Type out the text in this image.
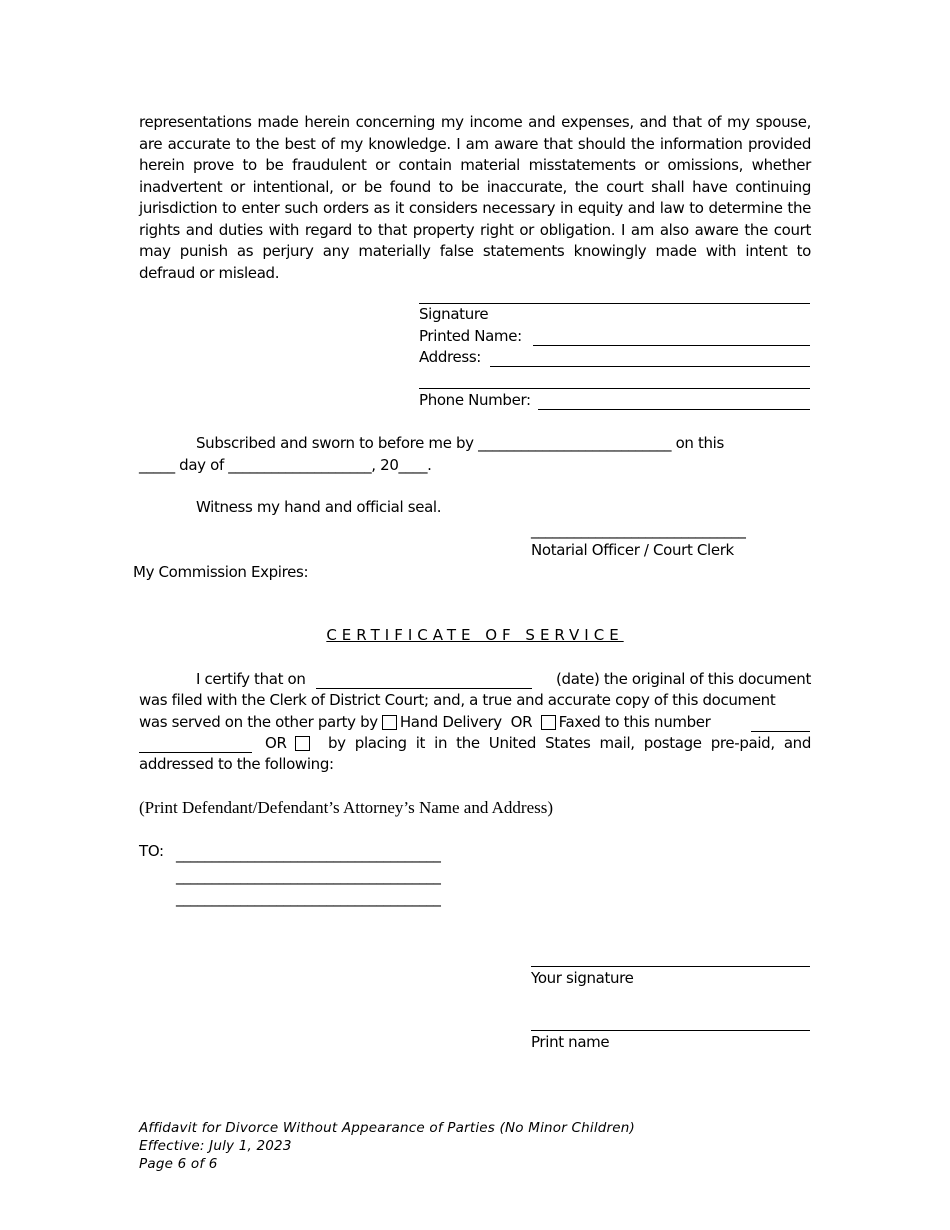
representations made herein concerning my income and expenses, and that of my spouse, are accurate to the best of my knowledge. I am aware that should the information provided herein prove to be fraudulent or contain material misstatements or omissions, whether inadvertent or intentional, or be found to be inaccurate, the court shall have continuing jurisdiction to enter such orders as it considers necessary in equity and law to determine the rights and duties with regard to that property right or obligation. I am also aware the court may punish as perjury any materially false statements knowingly made with intent to defraud or mislead.
Signature
Printed Name:
Address:
Phone Number:
Subscribed and sworn to before me by ___________________________ on this
_____ day of ____________________, 20____.
Witness my hand and official seal.
______________________________
Notarial Officer / Court Clerk
My Commission Expires:
CERTIFICATE OF SERVICE
I certify that on	(date) the original of this document
was filed with the Clerk of District Court; and, a true and accurate copy of this document
was served on the other party by Hand Delivery OR Faxed to this number
OR	by placing it in the United States mail, postage pre-paid, and
addressed to the following:
(Print Defendant/Defendant’s Attorney’s Name and Address)
TO: _____________________________________
_____________________________________
_____________________________________
Your signature
Print name
Affidavit for Divorce Without Appearance of Parties (No Minor Children)
Effective: July 1, 2023
Page 6 of 6
